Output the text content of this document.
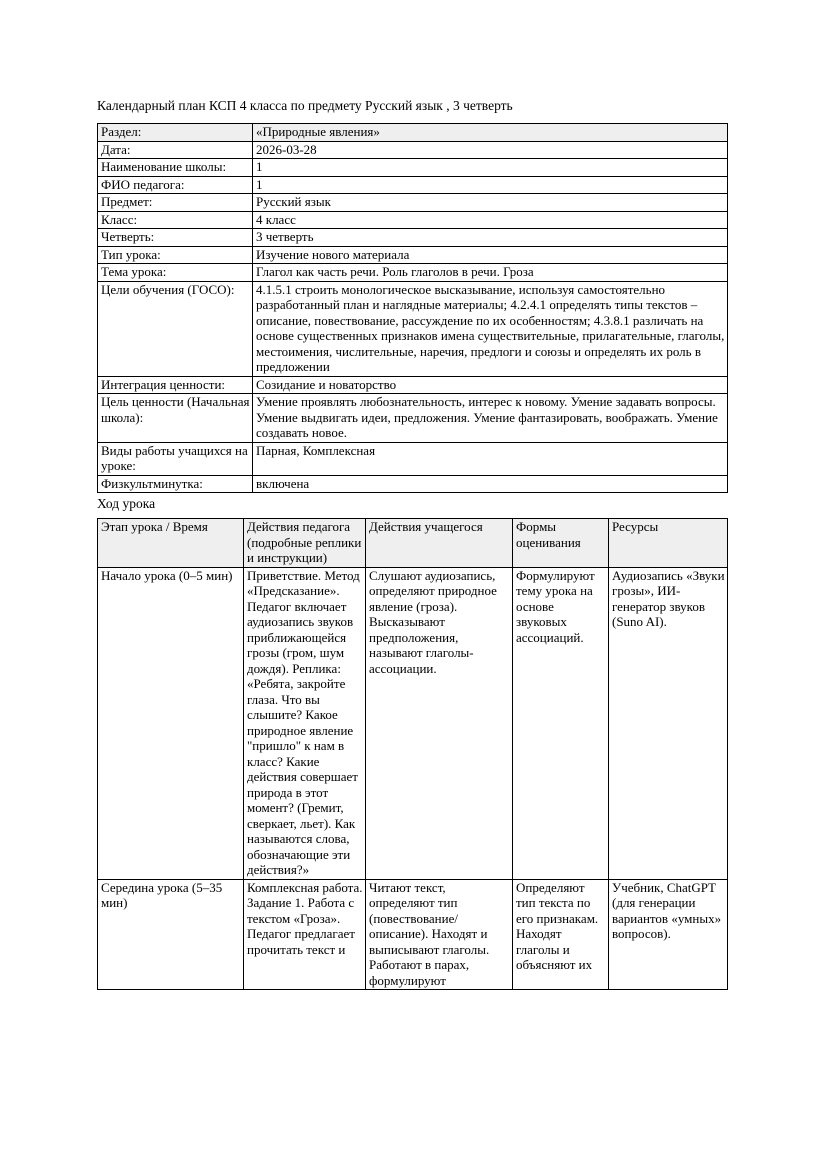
Календарный план КСП 4 класса по предмету Русский язык , 3 четверть

Раздел:	«Природные явления»
Дата:	2026-03-28
Наименование школы:	1
ФИО педагога:	1
Предмет:	Русский язык
Класс:	4 класс
Четверть:	3 четверть
Тип урока:	Изучение нового материала
Тема урока:	Глагол как часть речи. Роль глаголов в речи. Гроза
Цели обучения (ГОСО):	4.1.5.1 строить монологическое высказывание, используя самостоятельно разработанный план и наглядные материалы; 4.2.4.1 определять типы текстов – описание, повествование, рассуждение по их особенностям; 4.3.8.1 различать на основе существенных признаков имена существительные, прилагательные, глаголы, местоимения, числительные, наречия, предлоги и союзы и определять их роль в предложении
Интеграция ценности:	Созидание и новаторство
Цель ценности (Начальная школа):	Умение проявлять любознательность, интерес к новому. Умение задавать вопросы. Умение выдвигать идеи, предложения. Умение фантазировать, воображать. Умение создавать новое.
Виды работы учащихся на уроке:	Парная, Комплексная
Физкультминутка:	включена

Ход урока

Этап урока / Время	Действия педагога (подробные реплики и инструкции)	Действия учащегося	Формы оценивания	Ресурсы
Начало урока (0–5 мин)	Приветствие. Метод «Предсказание». Педагог включает аудиозапись звуков приближающейся грозы (гром, шум дождя). Реплика: «Ребята, закройте глаза. Что вы слышите? Какое природное явление "пришло" к нам в класс? Какие действия совершает природа в этот момент? (Гремит, сверкает, льет). Как называются слова, обозначающие эти действия?»	Слушают аудиозапись, определяют природное явление (гроза). Высказывают предположения, называют глаголы-ассоциации.	Формулируют тему урока на основе звуковых ассоциаций.	Аудиозапись «Звуки грозы», ИИ-генератор звуков (Suno AI).
Середина урока (5–35 мин)	Комплексная работа. Задание 1. Работа с текстом «Гроза». Педагог предлагает прочитать текст и	Читают текст, определяют тип (повествование/описание). Находят и выписывают глаголы. Работают в парах, формулируют	Определяют тип текста по его признакам. Находят глаголы и объясняют их	Учебник, ChatGPT (для генерации вариантов «умных» вопросов).
